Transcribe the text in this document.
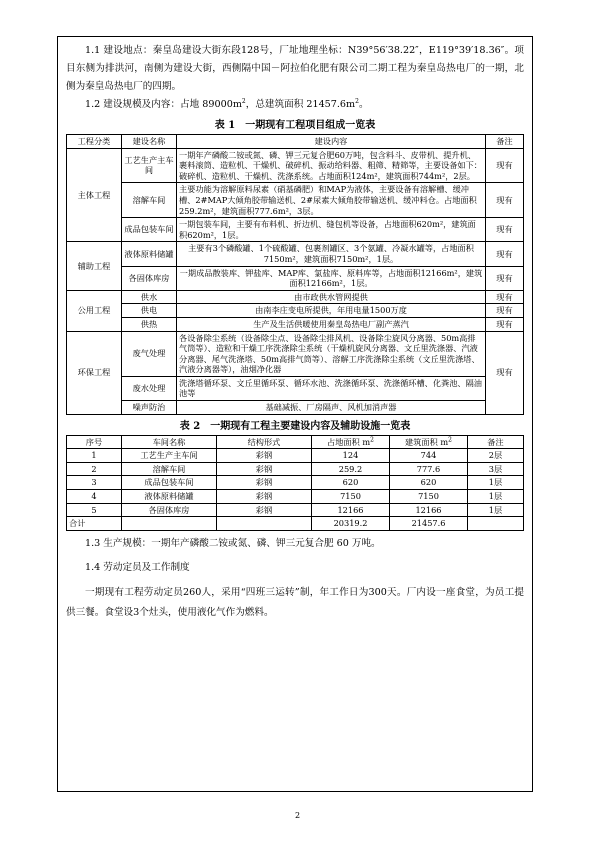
1.1 建设地点：秦皇岛建设大街东段128号，厂址地理坐标：N39°56′38.22″，E119°39′18.36″。项目东侧为排洪河，南侧为建设大街，西侧隔中国－阿拉伯化肥有限公司二期工程为秦皇岛热电厂的一期，北侧为秦皇岛热电厂的四期。

1.2 建设规模及内容：占地 $89000m^2$，总建筑面积 $21457.6m^2$。

表 1　一期现有工程项目组成一览表
工程分类	建设名称	建设内容	备注
主体工程	工艺生产主车间	一期年产磷酸二铵或氮、磷、钾三元复合肥60万吨，包含料斗、皮带机、提升机、裹料滚筒、造粒机、干燥机、破碎机、振动给料器、粗筛、精筛等，主要设备如下：破碎机、造粒机、干燥机、洗涤系统。占地面积124m²，建筑面积744m²，2层。	现有
	溶解车间	主要功能为溶解原料尿素（硝基磷肥）和MAP为液体，主要设备有溶解槽、缓冲槽、2#MAP大倾角胶带输送机、2#尿素大倾角胶带输送机、缓冲料仓。占地面积259.2m²，建筑面积777.6m²，3层。	现有
	成品包装车间	一期包装车间，主要有布料机、折边机、缝包机等设备，占地面积620m²，建筑面积620m²，1层。	现有
辅助工程	液体原料储罐	主要有3个磷酸罐、1个硫酸罐、包裹剂罐区、3个氨罐、冷凝水罐等，占地面积7150m²，建筑面积7150m²，1层。	现有
	各固体库房	一期成品散装库、钾盐库、MAP库、氯盐库、原料库等，占地面积12166m²，建筑面积12166m²，1层。	现有
公用工程	供水	由市政供水管网提供	现有
	供电	由南李庄变电所提供，年用电量1500万度	现有
	供热	生产及生活供暖使用秦皇岛热电厂副产蒸汽	现有
环保工程	废气处理	各设备除尘系统（设备除尘点、设备除尘排风机、设备除尘旋风分离器、50m高排气筒等）、造粒和干燥工序洗涤除尘系统（干燥机旋风分离器、文丘里洗涤器、汽液分离器、尾气洗涤塔、50m高排气筒等）、溶解工序洗涤除尘系统（文丘里洗涤塔、汽液分离器等），油烟净化器	现有
	废水处理	洗涤塔循环泵、文丘里循环泵、循环水池、洗涤循环泵、洗涤循环槽、化粪池、隔油池等	
	噪声防治	基础减振、厂房隔声、风机加消声器	
表 2　一期现有工程主要建设内容及辅助设施一览表
序号	车间名称	结构形式	占地面积 $m^2$	建筑面积 $m^2$	备注
1	工艺生产主车间	彩钢	124	744	2层
2	溶解车间	彩钢	259.2	777.6	3层
3	成品包装车间	彩钢	620	620	1层
4	液体原料储罐	彩钢	7150	7150	1层
5	各固体库房	彩钢	12166	12166	1层
合计			20319.2	21457.6	

1.3 生产规模：一期年产磷酸二铵或氮、磷、钾三元复合肥 60 万吨。

1.4 劳动定员及工作制度

一期现有工程劳动定员260人，采用“四班三运转”制，年工作日为300天。厂内设一座食堂，为员工提供三餐。食堂设3个灶头，使用液化气作为燃料。

2
